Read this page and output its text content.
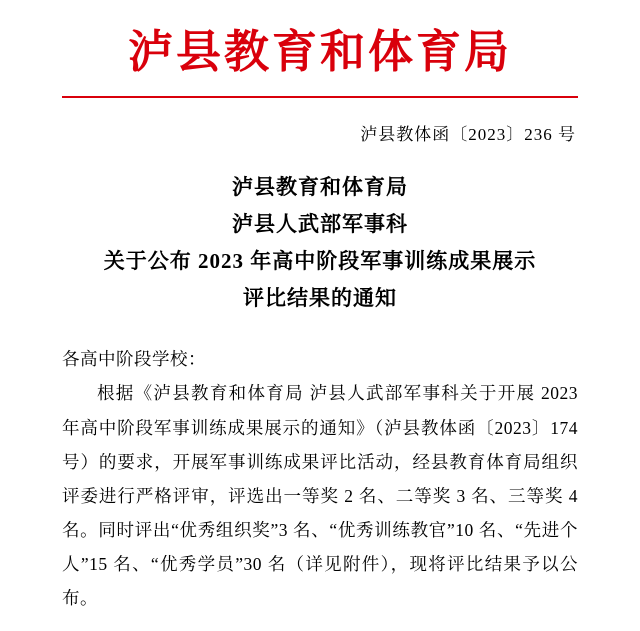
泸县教育和体育局
泸县教体函〔2023〕236 号
泸县教育和体育局
泸县人武部军事科
关于公布 2023 年高中阶段军事训练成果展示
评比结果的通知
各高中阶段学校：
根据《泸县教育和体育局 泸县人武部军事科关于开展 2023 年高中阶段军事训练成果展示的通知》（泸县教体函〔2023〕174 号）的要求，开展军事训练成果评比活动，经县教育体育局组织评委进行严格评审，评选出一等奖 2 名、二等奖 3 名、三等奖 4 名。同时评出“优秀组织奖”3 名、“优秀训练教官”10 名、“先进个人”15 名、“优秀学员”30 名（详见附件），现将评比结果予以公布。
